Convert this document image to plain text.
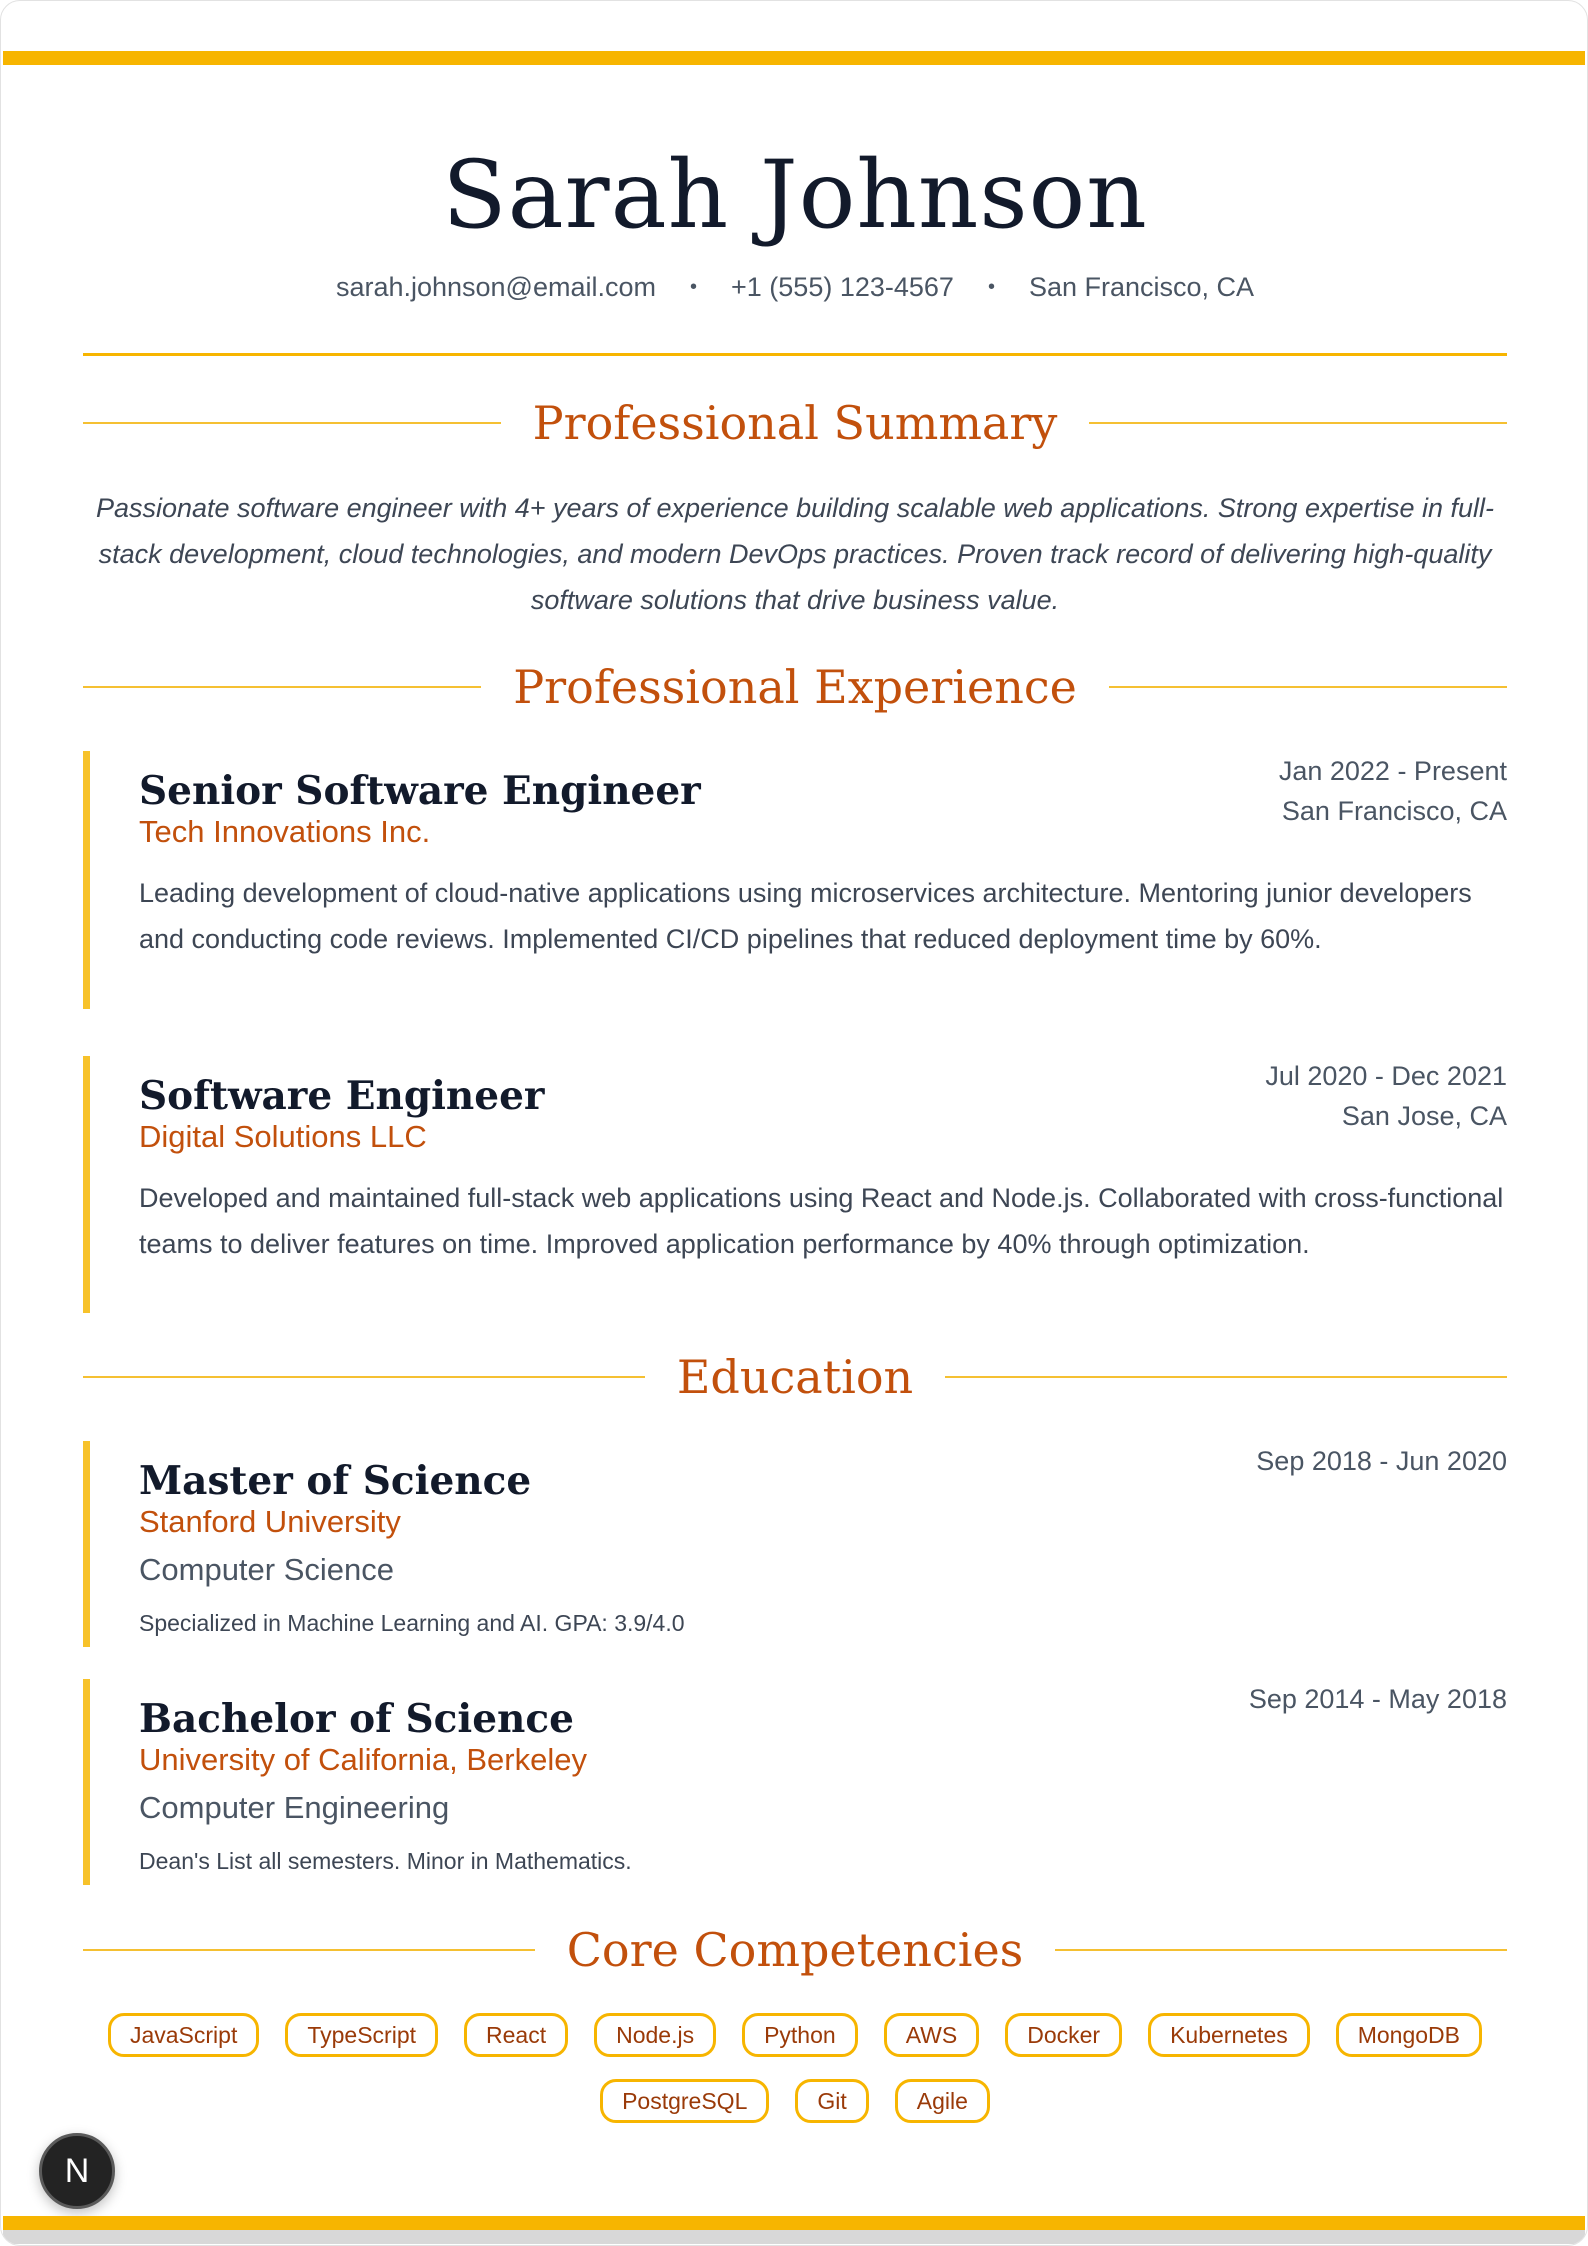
Sarah Johnson
sarah.johnson@email.com • +1 (555) 123-4567 • San Francisco, CA
Professional Summary

Passionate software engineer with 4+ years of experience building scalable web applications. Strong expertise in full-stack development, cloud technologies, and modern DevOps practices. Proven track record of delivering high-quality software solutions that drive business value.

Professional Experience
Senior Software Engineer
Tech Innovations Inc.
Jan 2022 - Present
San Francisco, CA

Leading development of cloud-native applications using microservices architecture. Mentoring junior developers and conducting code reviews. Implemented CI/CD pipelines that reduced deployment time by 60%.

Software Engineer
Digital Solutions LLC
Jul 2020 - Dec 2021
San Jose, CA

Developed and maintained full-stack web applications using React and Node.js. Collaborated with cross-functional teams to deliver features on time. Improved application performance by 40% through optimization.

Education
Master of Science
Stanford University
Computer Science
Sep 2018 - Jun 2020
Specialized in Machine Learning and AI. GPA: 3.9/4.0
Bachelor of Science
University of California, Berkeley
Computer Engineering
Sep 2014 - May 2018
Dean's List all semesters. Minor in Mathematics.
Core Competencies
JavaScript	TypeScript	React	Node.js	Python	AWS	Docker	Kubernetes	MongoDB
PostgreSQL	Git	Agile
N
